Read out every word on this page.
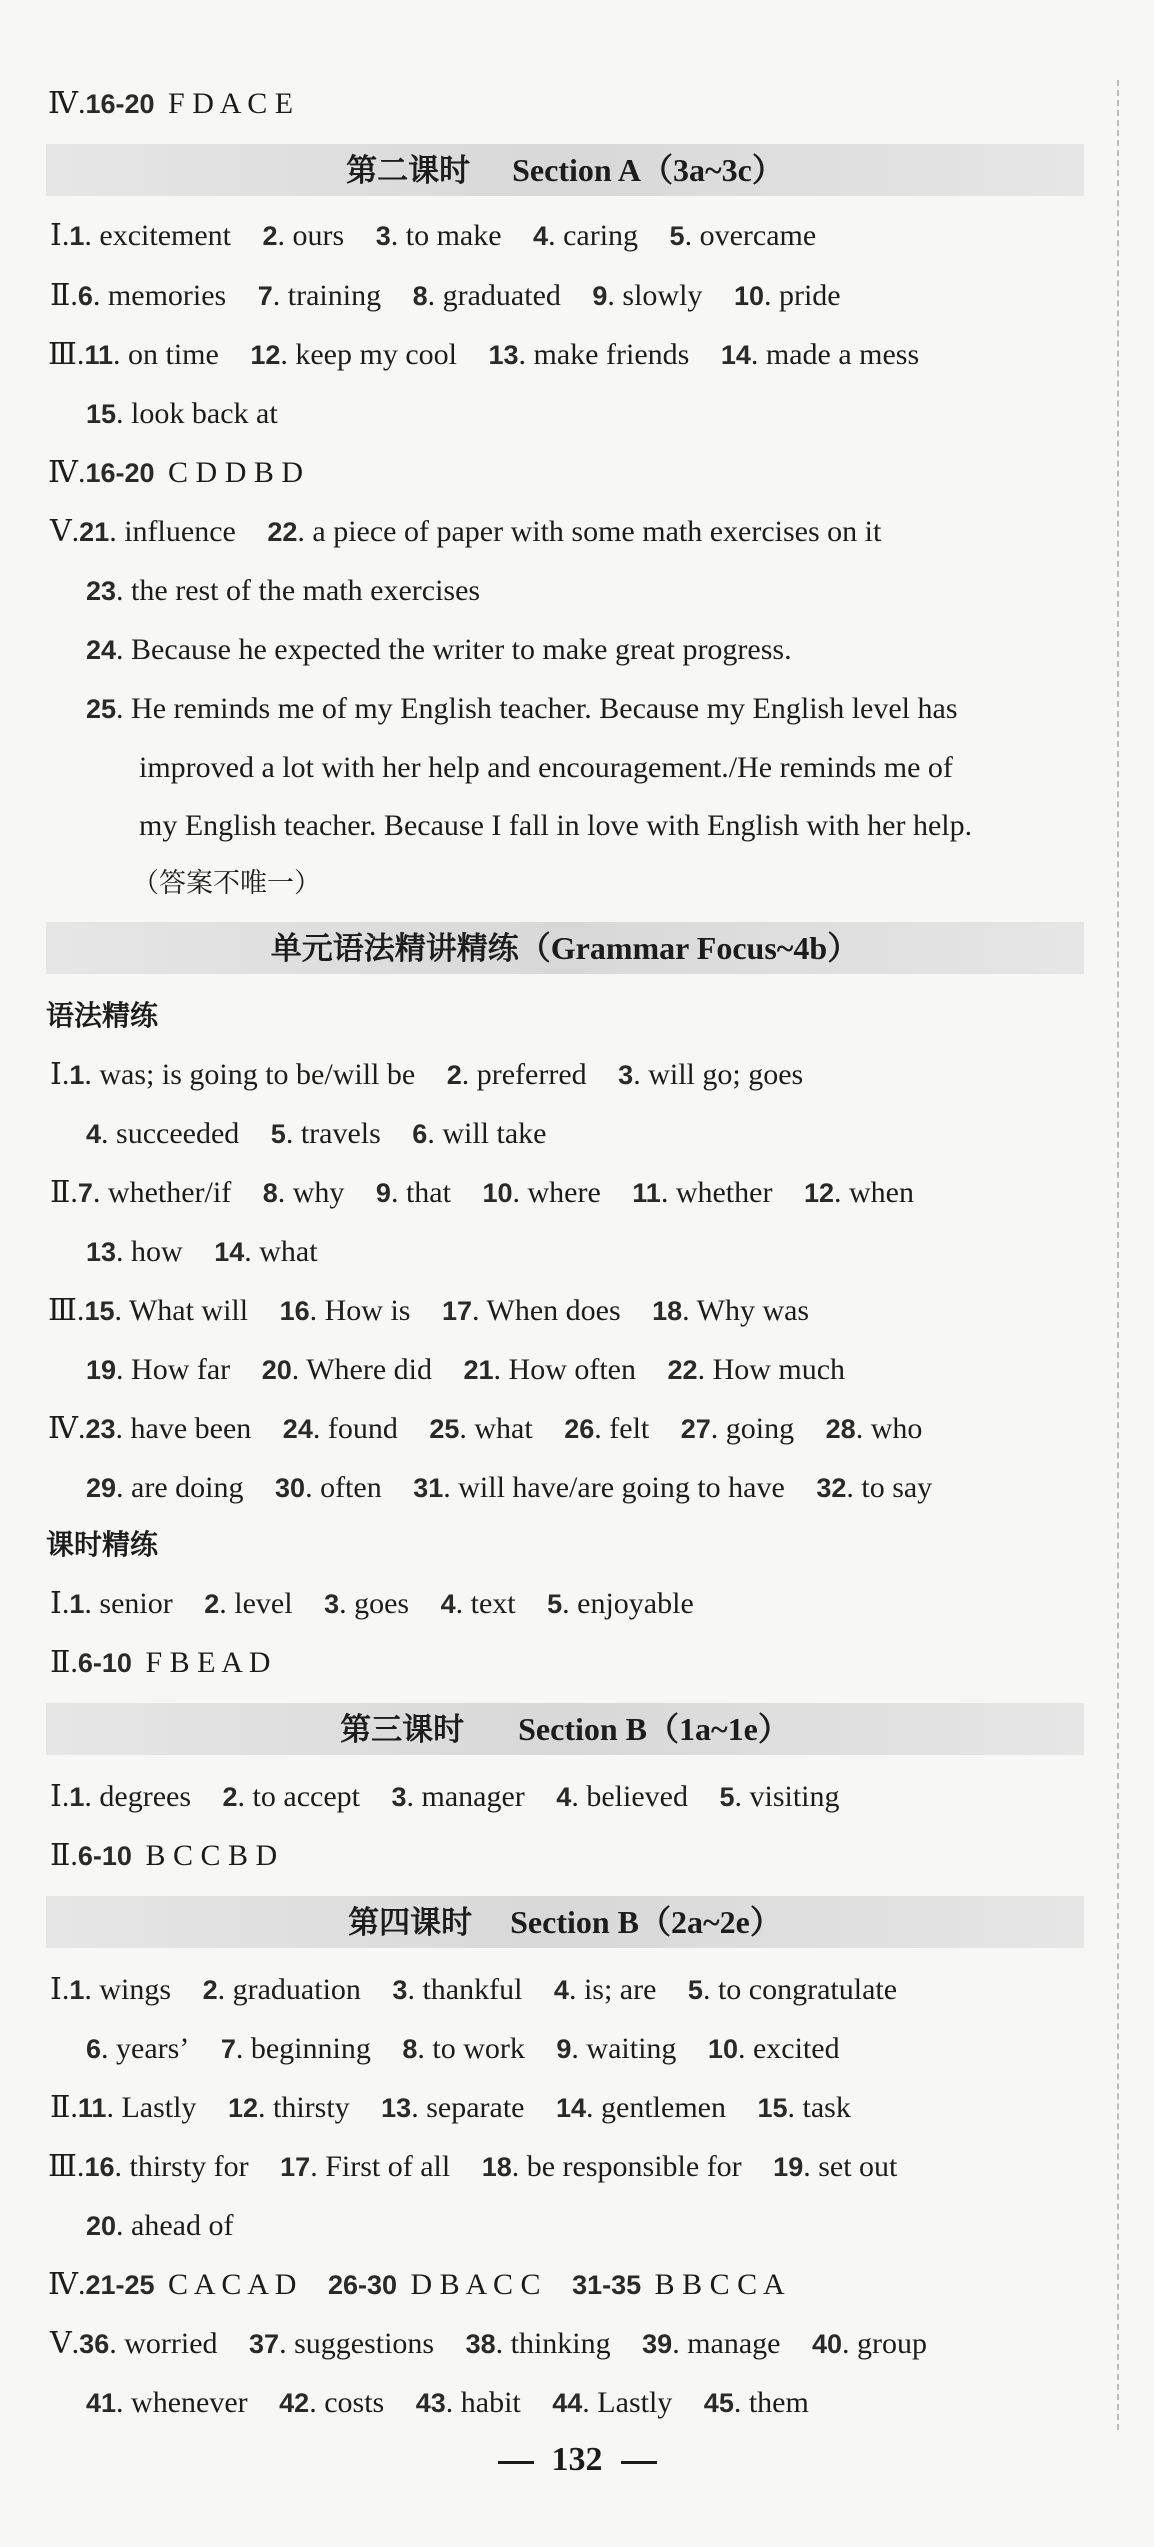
Ⅳ.16-20 F D A C E
第二课时 Section A（3a~3c）
Ⅰ.1. excitement 2. ours 3. to make 4. caring 5. overcame
Ⅱ.6. memories 7. training 8. graduated 9. slowly 10. pride
Ⅲ.11. on time 12. keep my cool 13. make friends 14. made a mess
15. look back at
Ⅳ.16-20 C D D B D
Ⅴ.21. influence 22. a piece of paper with some math exercises on it
23. the rest of the math exercises
24. Because he expected the writer to make great progress.
25. He reminds me of my English teacher. Because my English level has
improved a lot with her help and encouragement./He reminds me of
my English teacher. Because I fall in love with English with her help.
（答案不唯一）
单元语法精讲精练（Grammar Focus~4b）
语法精练
Ⅰ.1. was; is going to be/will be 2. preferred 3. will go; goes
4. succeeded 5. travels 6. will take
Ⅱ.7. whether/if 8. why 9. that 10. where 11. whether 12. when
13. how 14. what
Ⅲ.15. What will 16. How is 17. When does 18. Why was
19. How far 20. Where did 21. How often 22. How much
Ⅳ.23. have been 24. found 25. what 26. felt 27. going 28. who
29. are doing 30. often 31. will have/are going to have 32. to say
课时精练
Ⅰ.1. senior 2. level 3. goes 4. text 5. enjoyable
Ⅱ.6-10 F B E A D
第三课时 Section B（1a~1e）
Ⅰ.1. degrees 2. to accept 3. manager 4. believed 5. visiting
Ⅱ.6-10 B C C B D
第四课时 Section B（2a~2e）
Ⅰ.1. wings 2. graduation 3. thankful 4. is; are 5. to congratulate
6. years’ 7. beginning 8. to work 9. waiting 10. excited
Ⅱ.11. Lastly 12. thirsty 13. separate 14. gentlemen 15. task
Ⅲ.16. thirsty for 17. First of all 18. be responsible for 19. set out
20. ahead of
Ⅳ.21-25 C A C A D 26-30 D B A C C 31-35 B B C C A
Ⅴ.36. worried 37. suggestions 38. thinking 39. manage 40. group
41. whenever 42. costs 43. habit 44. Lastly 45. them
132
